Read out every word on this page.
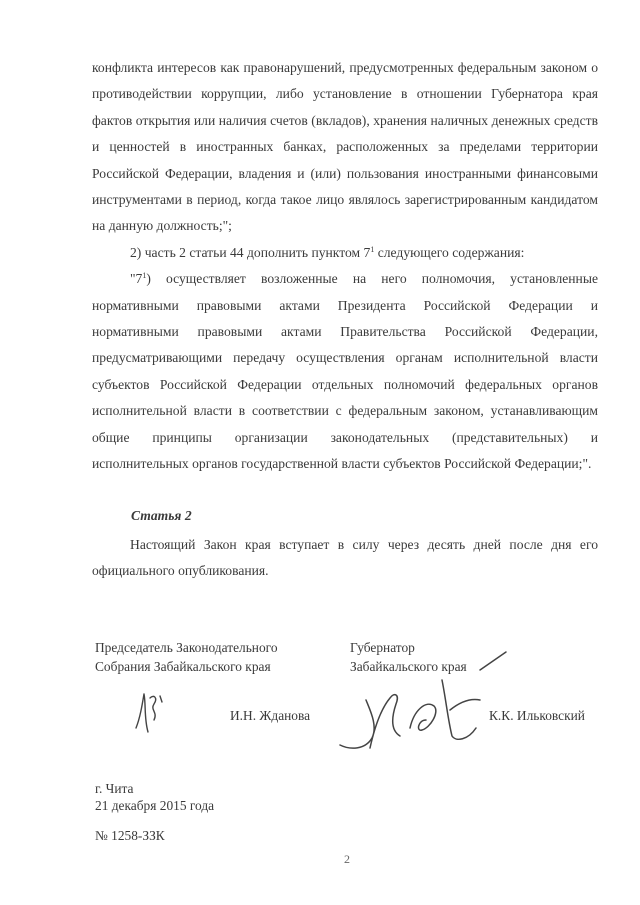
конфликта интересов как правонарушений, предусмотренных федеральным законом о противодействии коррупции, либо установление в отношении Губернатора края фактов открытия или наличия счетов (вкладов), хранения наличных денежных средств и ценностей в иностранных банках, расположенных за пределами территории Российской Федерации, владения и (или) пользования иностранными финансовыми инструментами в период, когда такое лицо являлось зарегистрированным кандидатом на данную должность;";

2) часть 2 статьи 44 дополнить пунктом $7^1$ следующего содержания:

"$7^1$) осуществляет возложенные на него полномочия, установленные нормативными правовыми актами Президента Российской Федерации и нормативными правовыми актами Правительства Российской Федерации, предусматривающими передачу осуществления органам исполнительной власти субъектов Российской Федерации отдельных полномочий федеральных органов исполнительной власти в соответствии с федеральным законом, устанавливающим общие принципы организации законодательных (представительных) и исполнительных органов государственной власти субъектов Российской Федерации;".

Статья 2
Настоящий Закон края вступает в силу через десять дней после дня его официального опубликования.
Председатель Законодательного
Собрания Забайкальского края
Губернатор
Забайкальского края
И.Н. Жданова	К.К. Ильковский
г. Чита
21 декабря 2015 года
№ 1258-ЗЗК
2
